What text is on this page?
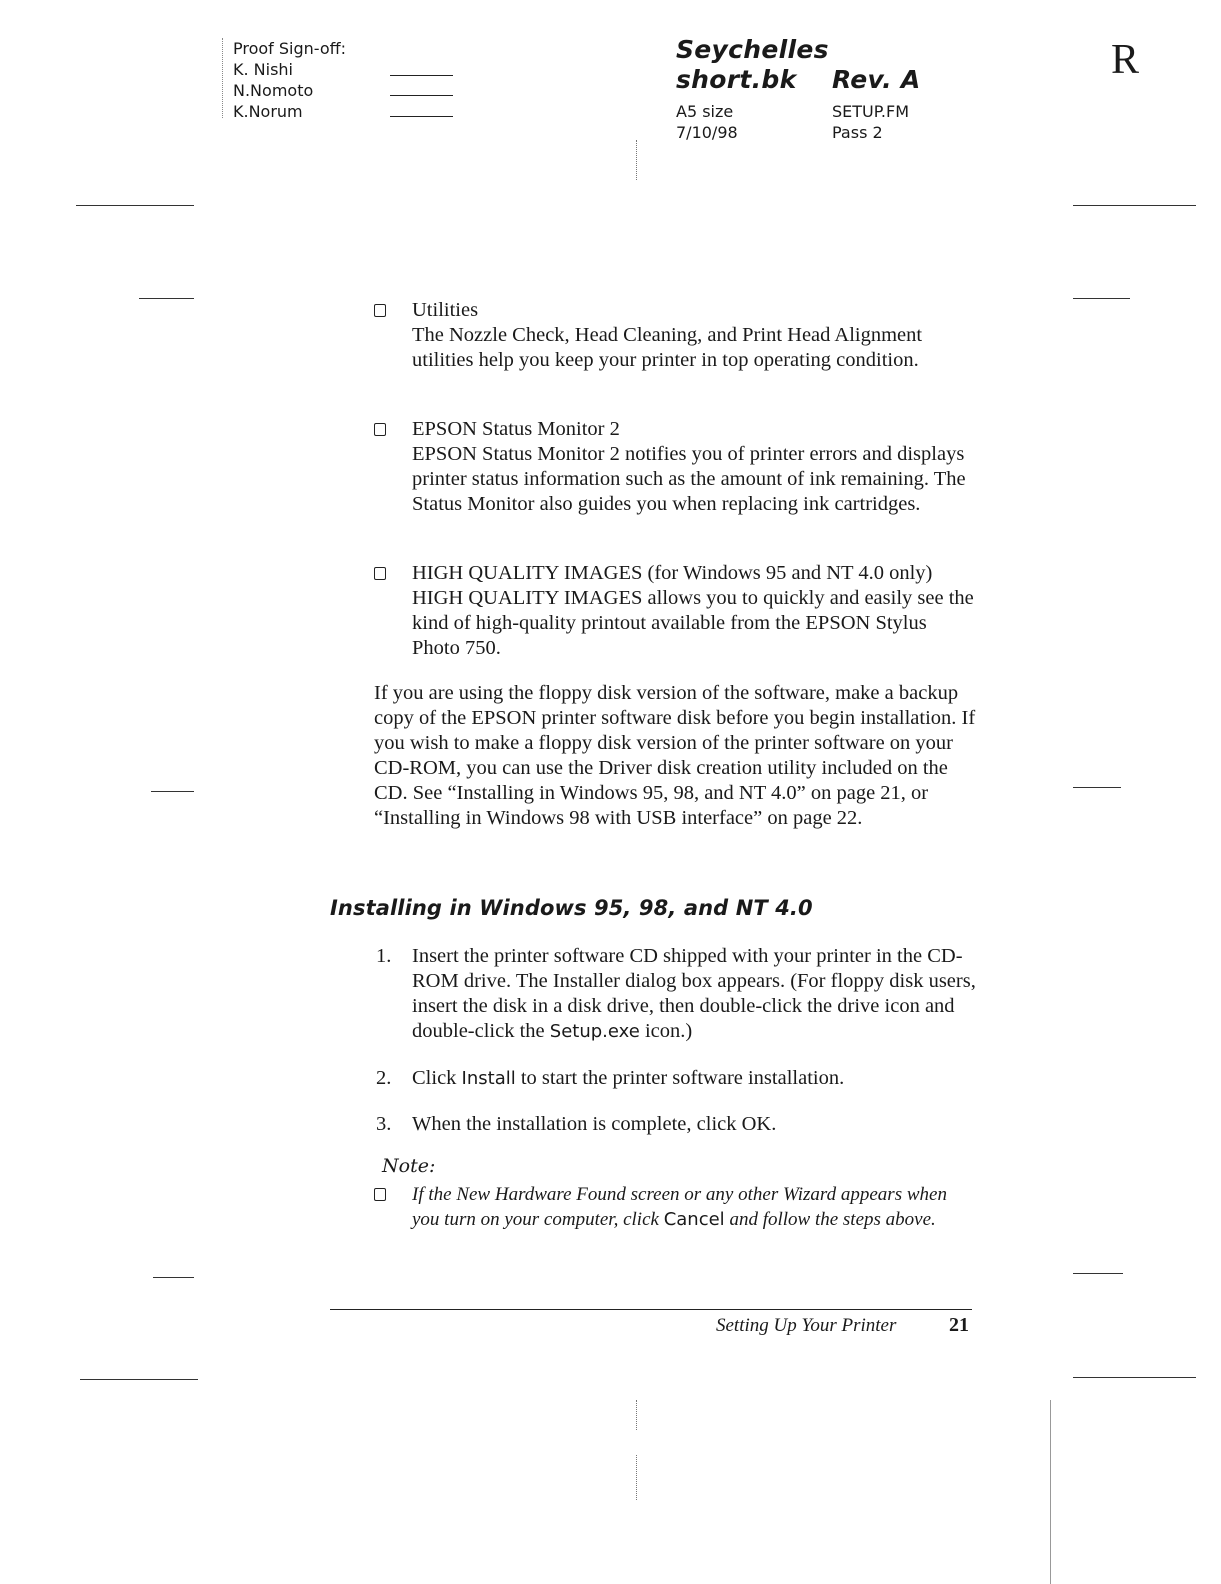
Proof Sign-off:
K. Nishi
N.Nomoto
K.Norum
Seychelles
short.bk Rev. A
A5 size
7/10/98
SETUP.FM
Pass 2
R

Utilities

The Nozzle Check, Head Cleaning, and Print Head Alignment utilities help you keep your printer in top operating condition.

EPSON Status Monitor 2

EPSON Status Monitor 2 notifies you of printer errors and displays printer status information such as the amount of ink remaining. The Status Monitor also guides you when replacing ink cartridges.

HIGH QUALITY IMAGES (for Windows 95 and NT 4.0 only)

HIGH QUALITY IMAGES allows you to quickly and easily see the kind of high-quality printout available from the EPSON Stylus Photo 750.

If you are using the floppy disk version of the software, make a backup copy of the EPSON printer software disk before you begin installation. If you wish to make a floppy disk version of the printer software on your CD-ROM, you can use the Driver disk creation utility included on the CD. See “Installing in Windows 95, 98, and NT 4.0” on page 21, or “Installing in Windows 98 with USB interface” on page 22.

Installing in Windows 95, 98, and NT 4.0
1. Insert the printer software CD shipped with your printer in the CD-ROM drive. The Installer dialog box appears. (For floppy disk users, insert the disk in a disk drive, then double-click the drive icon and double-click the Setup.exe icon.)
2. Click Install to start the printer software installation.
3. When the installation is complete, click OK.
Note:
If the New Hardware Found screen or any other Wizard appears when you turn on your computer, click Cancel and follow the steps above.
Setting Up Your Printer	21
